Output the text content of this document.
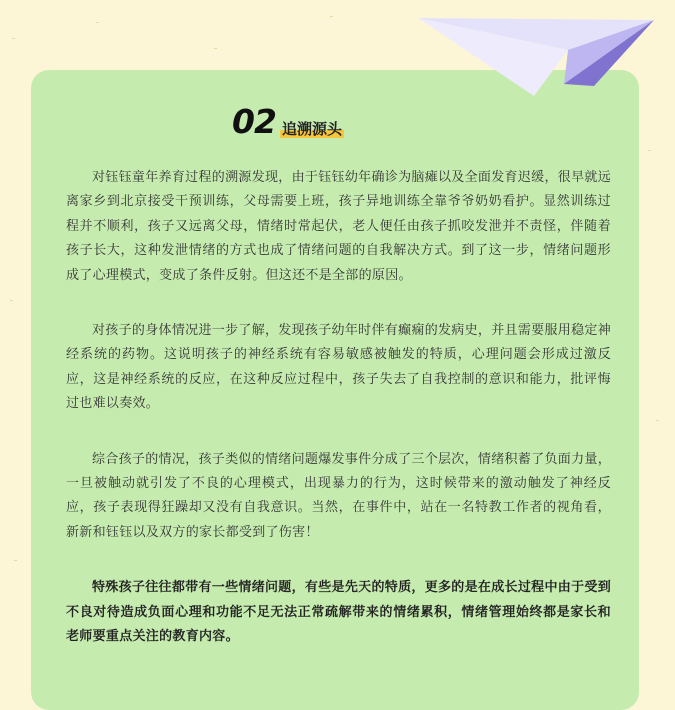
02 追溯源头

对钰钰童年养育过程的溯源发现，由于钰钰幼年确诊为脑瘫以及全面发育迟缓，很早就远离家乡到北京接受干预训练，父母需要上班，孩子异地训练全靠爷爷奶奶看护。显然训练过程并不顺利，孩子又远离父母，情绪时常起伏，老人便任由孩子抓咬发泄并不责怪，伴随着孩子长大，这种发泄情绪的方式也成了情绪问题的自我解决方式。到了这一步，情绪问题形成了心理模式，变成了条件反射。但这还不是全部的原因。

对孩子的身体情况进一步了解，发现孩子幼年时伴有癫痫的发病史，并且需要服用稳定神经系统的药物。这说明孩子的神经系统有容易敏感被触发的特质，心理问题会形成过激反应，这是神经系统的反应，在这种反应过程中，孩子失去了自我控制的意识和能力，批评悔过也难以奏效。

综合孩子的情况，孩子类似的情绪问题爆发事件分成了三个层次，情绪积蓄了负面力量，一旦被触动就引发了不良的心理模式，出现暴力的行为，这时候带来的激动触发了神经反应，孩子表现得狂躁却又没有自我意识。当然，在事件中，站在一名特教工作者的视角看，新新和钰钰以及双方的家长都受到了伤害！

特殊孩子往往都带有一些情绪问题，有些是先天的特质，更多的是在成长过程中由于受到不良对待造成负面心理和功能不足无法正常疏解带来的情绪累积，情绪管理始终都是家长和老师要重点关注的教育内容。
